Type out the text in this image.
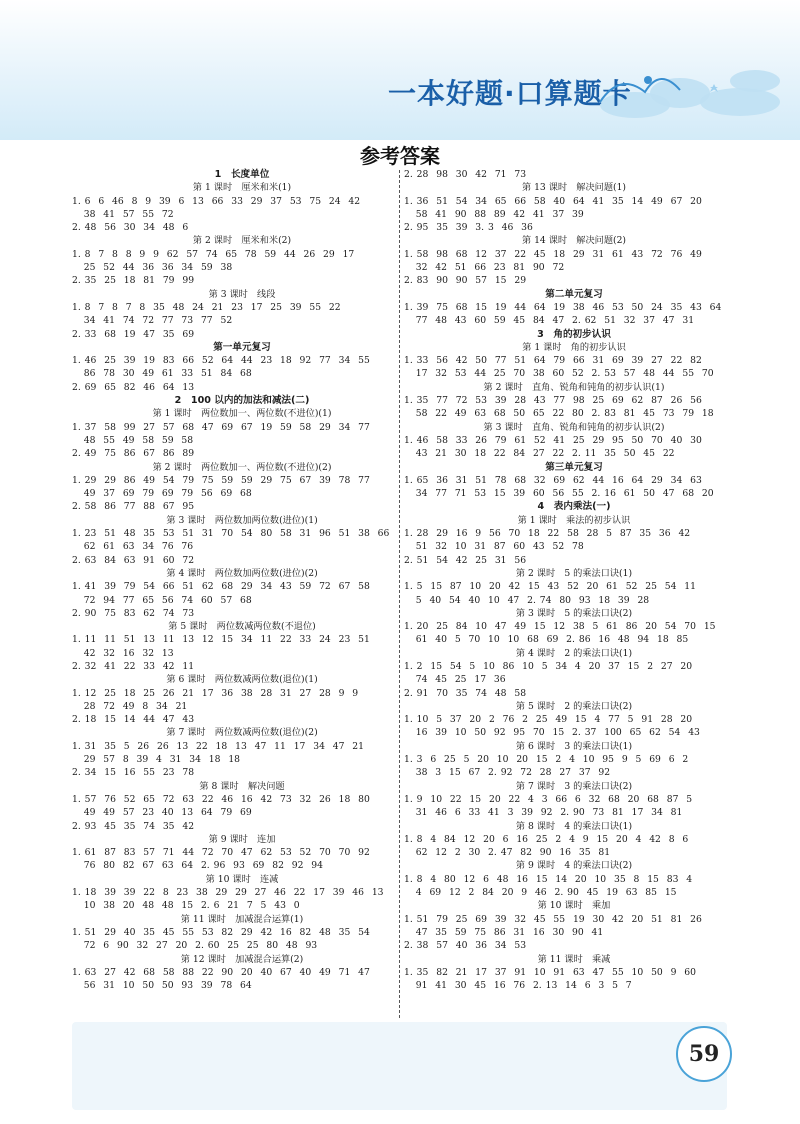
一本好题·口算题卡
参考答案
1　长度单位
第 1 课时　厘米和米(1)
1. 6  6  46  8  9  39  6  13  66  33  29  37  53  75  24  42
38  41  57  55  72
2. 48  56  30  34  48  6
第 2 课时　厘米和米(2)
1. 8  7  8  8  9  9  62  57  74  65  78  59  44  26  29  17
25  52  44  36  36  34  59  38
2. 35  25  18  81  79  99
第 3 课时　线段
1. 8  7  8  7  8  35  48  24  21  23  17  25  39  55  22
34  41  74  72  77  73  77  52
2. 33  68  19  47  35  69
第一单元复习
1. 46  25  39  19  83  66  52  64  44  23  18  92  77  34  55
86  78  30  49  61  33  51  84  68
2. 69  65  82  46  64  13
2　100 以内的加法和减法(二)
第 1 课时　两位数加一、两位数(不进位)(1)
1. 37  58  99  27  57  68  47  69  67  19  59  58  29  34  77
48  55  49  58  59  58
2. 49  75  86  67  86  89
第 2 课时　两位数加一、两位数(不进位)(2)
1. 29  29  86  49  54  79  75  59  59  29  75  67  39  78  77
49  37  69  79  69  79  56  69  68
2. 58  86  77  88  67  95
第 3 课时　两位数加两位数(进位)(1)
1. 23  51  48  35  53  51  31  70  54  80  58  31  96  51  38  66
62  61  63  34  76  76
2. 63  84  63  91  60  72
第 4 课时　两位数加两位数(进位)(2)
1. 41  39  79  54  66  51  62  68  29  34  43  59  72  67  58
72  94  77  65  56  74  60  57  68
2. 90  75  83  62  74  73
第 5 课时　两位数减两位数(不退位)
1. 11  11  51  13  11  13  12  15  34  11  22  33  24  23  51
42  32  16  32  13
2. 32  41  22  33  42  11
第 6 课时　两位数减两位数(退位)(1)
1. 12  25  18  25  26  21  17  36  38  28  31  27  28  9  9
28  72  49  8  34  21
2. 18  15  14  44  47  43
第 7 课时　两位数减两位数(退位)(2)
1. 31  35  5  26  26  13  22  18  13  47  11  17  34  47  21
29  57  8  39  4  31  34  18  18
2. 34  15  16  55  23  78
第 8 课时　解决问题
1. 57  76  52  65  72  63  22  46  16  42  73  32  26  18  80
49  49  57  23  40  13  64  79  69
2. 93  45  35  74  35  42
第 9 课时　连加
1. 61  87  83  57  71  44  72  70  47  62  53  52  70  70  92
76  80  82  67  63  64  2. 96  93  69  82  92  94
第 10 课时　连减
1. 18  39  39  22  8  23  38  29  29  27  46  22  17  39  46  13
10  38  20  48  48  15  2. 6  21  7  5  43  0
第 11 课时　加减混合运算(1)
1. 51  29  40  35  45  55  53  82  29  42  16  82  48  35  54
72  6  90  32  27  20  2. 60  25  25  80  48  93
第 12 课时　加减混合运算(2)
1. 63  27  42  68  58  88  22  90  20  40  67  40  49  71  47
56  31  10  50  50  93  39  78  64
2. 28  98  30  42  71  73
第 13 课时　解决问题(1)
1. 36  51  54  34  65  66  58  40  64  41  35  14  49  67  20
58  41  90  88  89  42  41  37  39
2. 95  35  39  3. 3  46  36
第 14 课时　解决问题(2)
1. 58  98  68  12  37  22  45  18  29  31  61  43  72  76  49
32  42  51  66  23  81  90  72
2. 83  90  90  57  15  29
第二单元复习
1. 39  75  68  15  19  44  64  19  38  46  53  50  24  35  43  64
77  48  43  60  59  45  84  47  2. 62  51  32  37  47  31
3　角的初步认识
第 1 课时　角的初步认识
1. 33  56  42  50  77  51  64  79  66  31  69  39  27  22  82
17  32  53  44  25  70  38  60  52  2. 53  57  48  44  55  70
第 2 课时　直角、锐角和钝角的初步认识(1)
1. 35  77  72  53  39  28  43  77  98  25  69  62  87  26  56
58  22  49  63  68  50  65  22  80  2. 83  81  45  73  79  18
第 3 课时　直角、锐角和钝角的初步认识(2)
1. 46  58  33  26  79  61  52  41  25  29  95  50  70  40  30
43  21  30  18  22  84  27  22  2. 11  35  50  45  22
第三单元复习
1. 65  36  31  51  78  68  32  69  62  44  16  64  29  34  63
34  77  71  53  15  39  60  56  55  2. 16  61  50  47  68  20
4　表内乘法(一)
第 1 课时　乘法的初步认识
1. 28  29  16  9  56  70  18  22  58  28  5  87  35  36  42
51  32  10  31  87  60  43  52  78
2. 51  54  42  25  31  56
第 2 课时　5 的乘法口诀(1)
1. 5  15  87  10  20  42  15  43  52  20  61  52  25  54  11
5  40  54  40  10  47  2. 74  80  93  18  39  28
第 3 课时　5 的乘法口诀(2)
1. 20  25  84  10  47  49  15  12  38  5  61  86  20  54  70  15
61  40  5  70  10  10  68  69  2. 86  16  48  94  18  85
第 4 课时　2 的乘法口诀(1)
1. 2  15  54  5  10  86  10  5  34  4  20  37  15  2  27  20
74  45  25  17  36
2. 91  70  35  74  48  58
第 5 课时　2 的乘法口诀(2)
1. 10  5  37  20  2  76  2  25  49  15  4  77  5  91  28  20
16  39  10  50  92  95  70  15  2. 37  100  65  62  54  43
第 6 课时　3 的乘法口诀(1)
1. 3  6  25  5  20  10  20  15  2  4  10  95  9  5  69  6  2
38  3  15  67  2. 92  72  28  27  37  92
第 7 课时　3 的乘法口诀(2)
1. 9  10  22  15  20  22  4  3  66  6  32  68  20  68  87  5
31  46  6  33  41  3  39  92  2. 90  73  81  17  34  81
第 8 课时　4 的乘法口诀(1)
1. 8  4  84  12  20  6  16  25  2  4  9  15  20  4  42  8  6
62  12  2  30  2. 47  82  90  16  35  81
第 9 课时　4 的乘法口诀(2)
1. 8  4  80  12  6  48  16  15  14  20  10  35  8  15  83  4
4  69  12  2  84  20  9  46  2. 90  45  19  63  85  15
第 10 课时　乘加
1. 51  79  25  69  39  32  45  55  19  30  42  20  51  81  26
47  35  59  75  86  31  16  30  90  41
2. 38  57  40  36  34  53
第 11 课时　乘减
1. 35  82  21  17  37  91  10  91  63  47  55  10  50  9  60
91  41  30  45  16  76  2. 13  14  6  3  5  7
59
